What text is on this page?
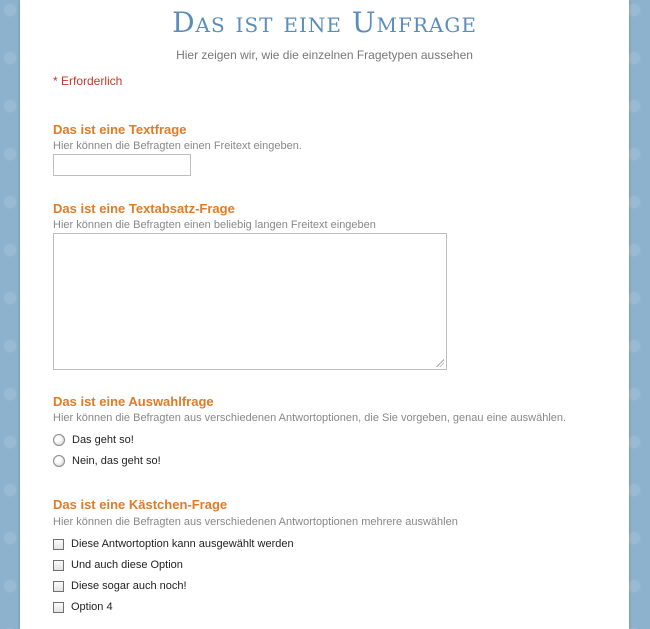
Das ist eine Umfrage
Hier zeigen wir, wie die einzelnen Fragetypen aussehen
* Erforderlich
Das ist eine Textfrage
Hier können die Befragten einen Freitext eingeben.
Das ist eine Textabsatz-Frage
Hier können die Befragten einen beliebig langen Freitext eingeben
Das ist eine Auswahlfrage
Hier können die Befragten aus verschiedenen Antwortoptionen, die Sie vorgeben, genau eine auswählen.
Das geht so!
Nein, das geht so!
Das ist eine Kästchen-Frage
Hier können die Befragten aus verschiedenen Antwortoptionen mehrere auswählen
Diese Antwortoption kann ausgewählt werden
Und auch diese Option
Diese sogar auch noch!
Option 4
